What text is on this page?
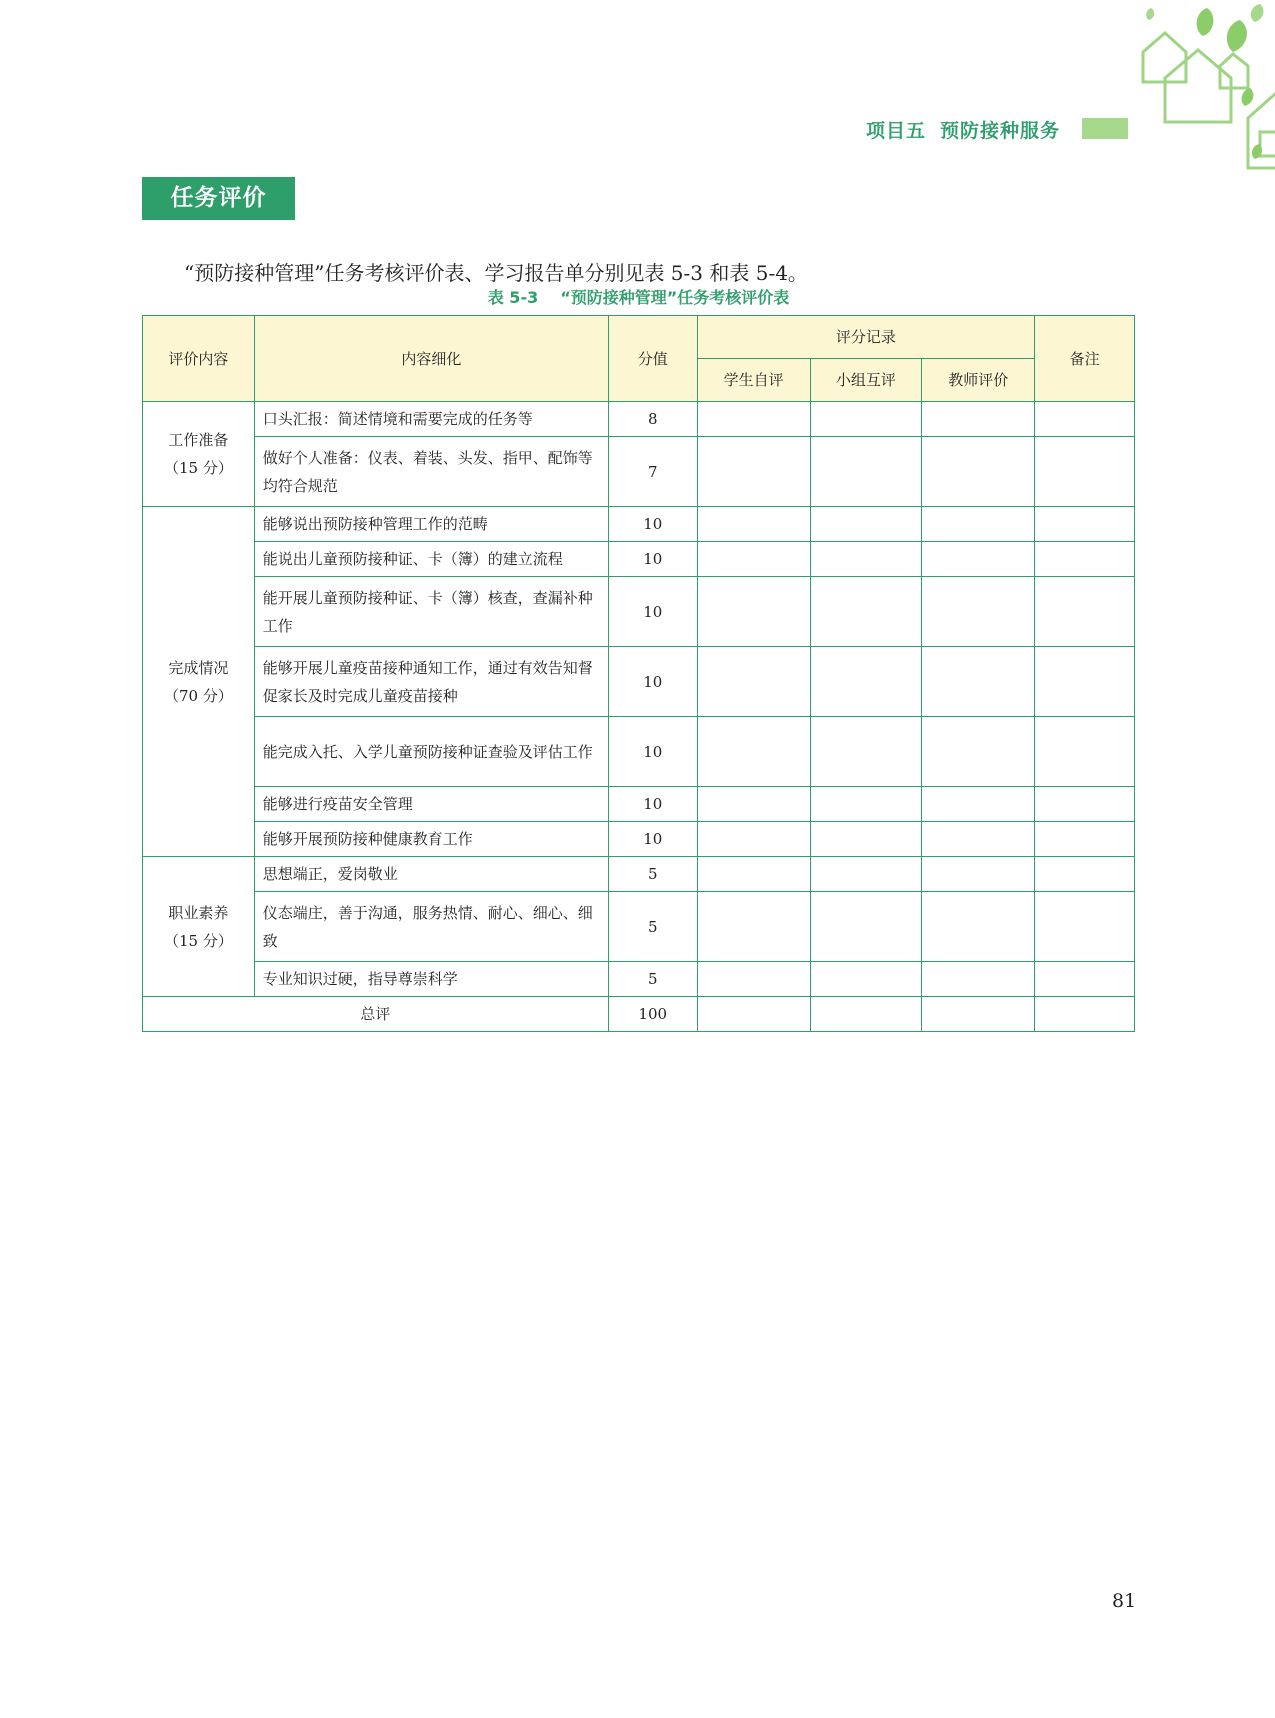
项目五 预防接种服务
任务评价

“预防接种管理”任务考核评价表、学习报告单分别见表 5-3 和表 5-4。

表 5-3 “预防接种管理”任务考核评价表
评价内容	内容细化	分值	评分记录			备注
			学生自评	小组互评	教师评价	

工作准备
（15 分）	口头汇报：简述情境和需要完成的任务等	8				
	做好个人准备：仪表、着装、头发、指甲、配饰等均符合规范	7				

完成情况
（70 分）	能够说出预防接种管理工作的范畴	10				
	能说出儿童预防接种证、卡（簿）的建立流程	10				
	能开展儿童预防接种证、卡（簿）核查，查漏补种工作	10				
	能够开展儿童疫苗接种通知工作，通过有效告知督促家长及时完成儿童疫苗接种	10				
	能完成入托、入学儿童预防接种证查验及评估工作	10				
	能够进行疫苗安全管理	10				
	能够开展预防接种健康教育工作	10				

职业素养
（15 分）	思想端正，爱岗敬业	5				
	仪态端庄，善于沟通，服务热情、耐心、细心、细致	5				
	专业知识过硬，指导尊崇科学	5				
总评		100				
81
